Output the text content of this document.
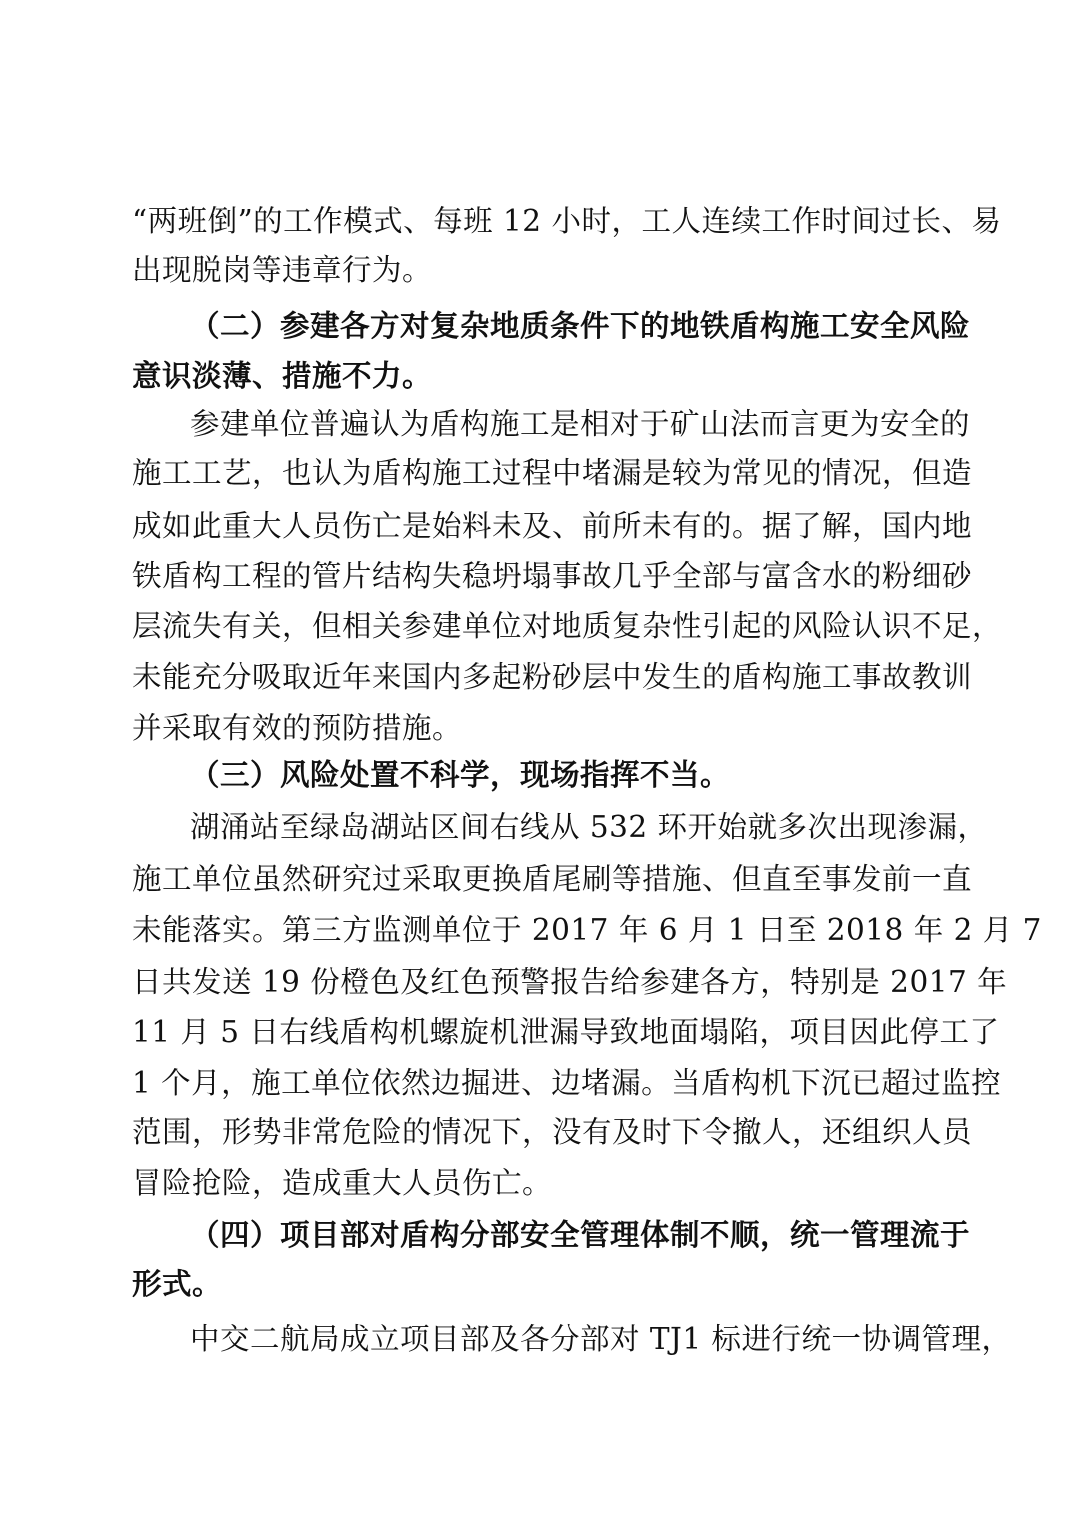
“两班倒”的工作模式、每班 12 小时，工人连续工作时间过长、易
出现脱岗等违章行为。
（二）参建各方对复杂地质条件下的地铁盾构施工安全风险
意识淡薄、措施不力。
参建单位普遍认为盾构施工是相对于矿山法而言更为安全的
施工工艺，也认为盾构施工过程中堵漏是较为常见的情况，但造
成如此重大人员伤亡是始料未及、前所未有的。据了解，国内地
铁盾构工程的管片结构失稳坍塌事故几乎全部与富含水的粉细砂
层流失有关，但相关参建单位对地质复杂性引起的风险认识不足，
未能充分吸取近年来国内多起粉砂层中发生的盾构施工事故教训
并采取有效的预防措施。
（三）风险处置不科学，现场指挥不当。
湖涌站至绿岛湖站区间右线从 532 环开始就多次出现渗漏，
施工单位虽然研究过采取更换盾尾刷等措施、但直至事发前一直
未能落实。第三方监测单位于 2017 年 6 月 1 日至 2018 年 2 月 7
日共发送 19 份橙色及红色预警报告给参建各方，特别是 2017 年
11 月 5 日右线盾构机螺旋机泄漏导致地面塌陷，项目因此停工了
1 个月，施工单位依然边掘进、边堵漏。当盾构机下沉已超过监控
范围，形势非常危险的情况下，没有及时下令撤人，还组织人员
冒险抢险，造成重大人员伤亡。
（四）项目部对盾构分部安全管理体制不顺，统一管理流于
形式。
中交二航局成立项目部及各分部对 TJ1 标进行统一协调管理，
